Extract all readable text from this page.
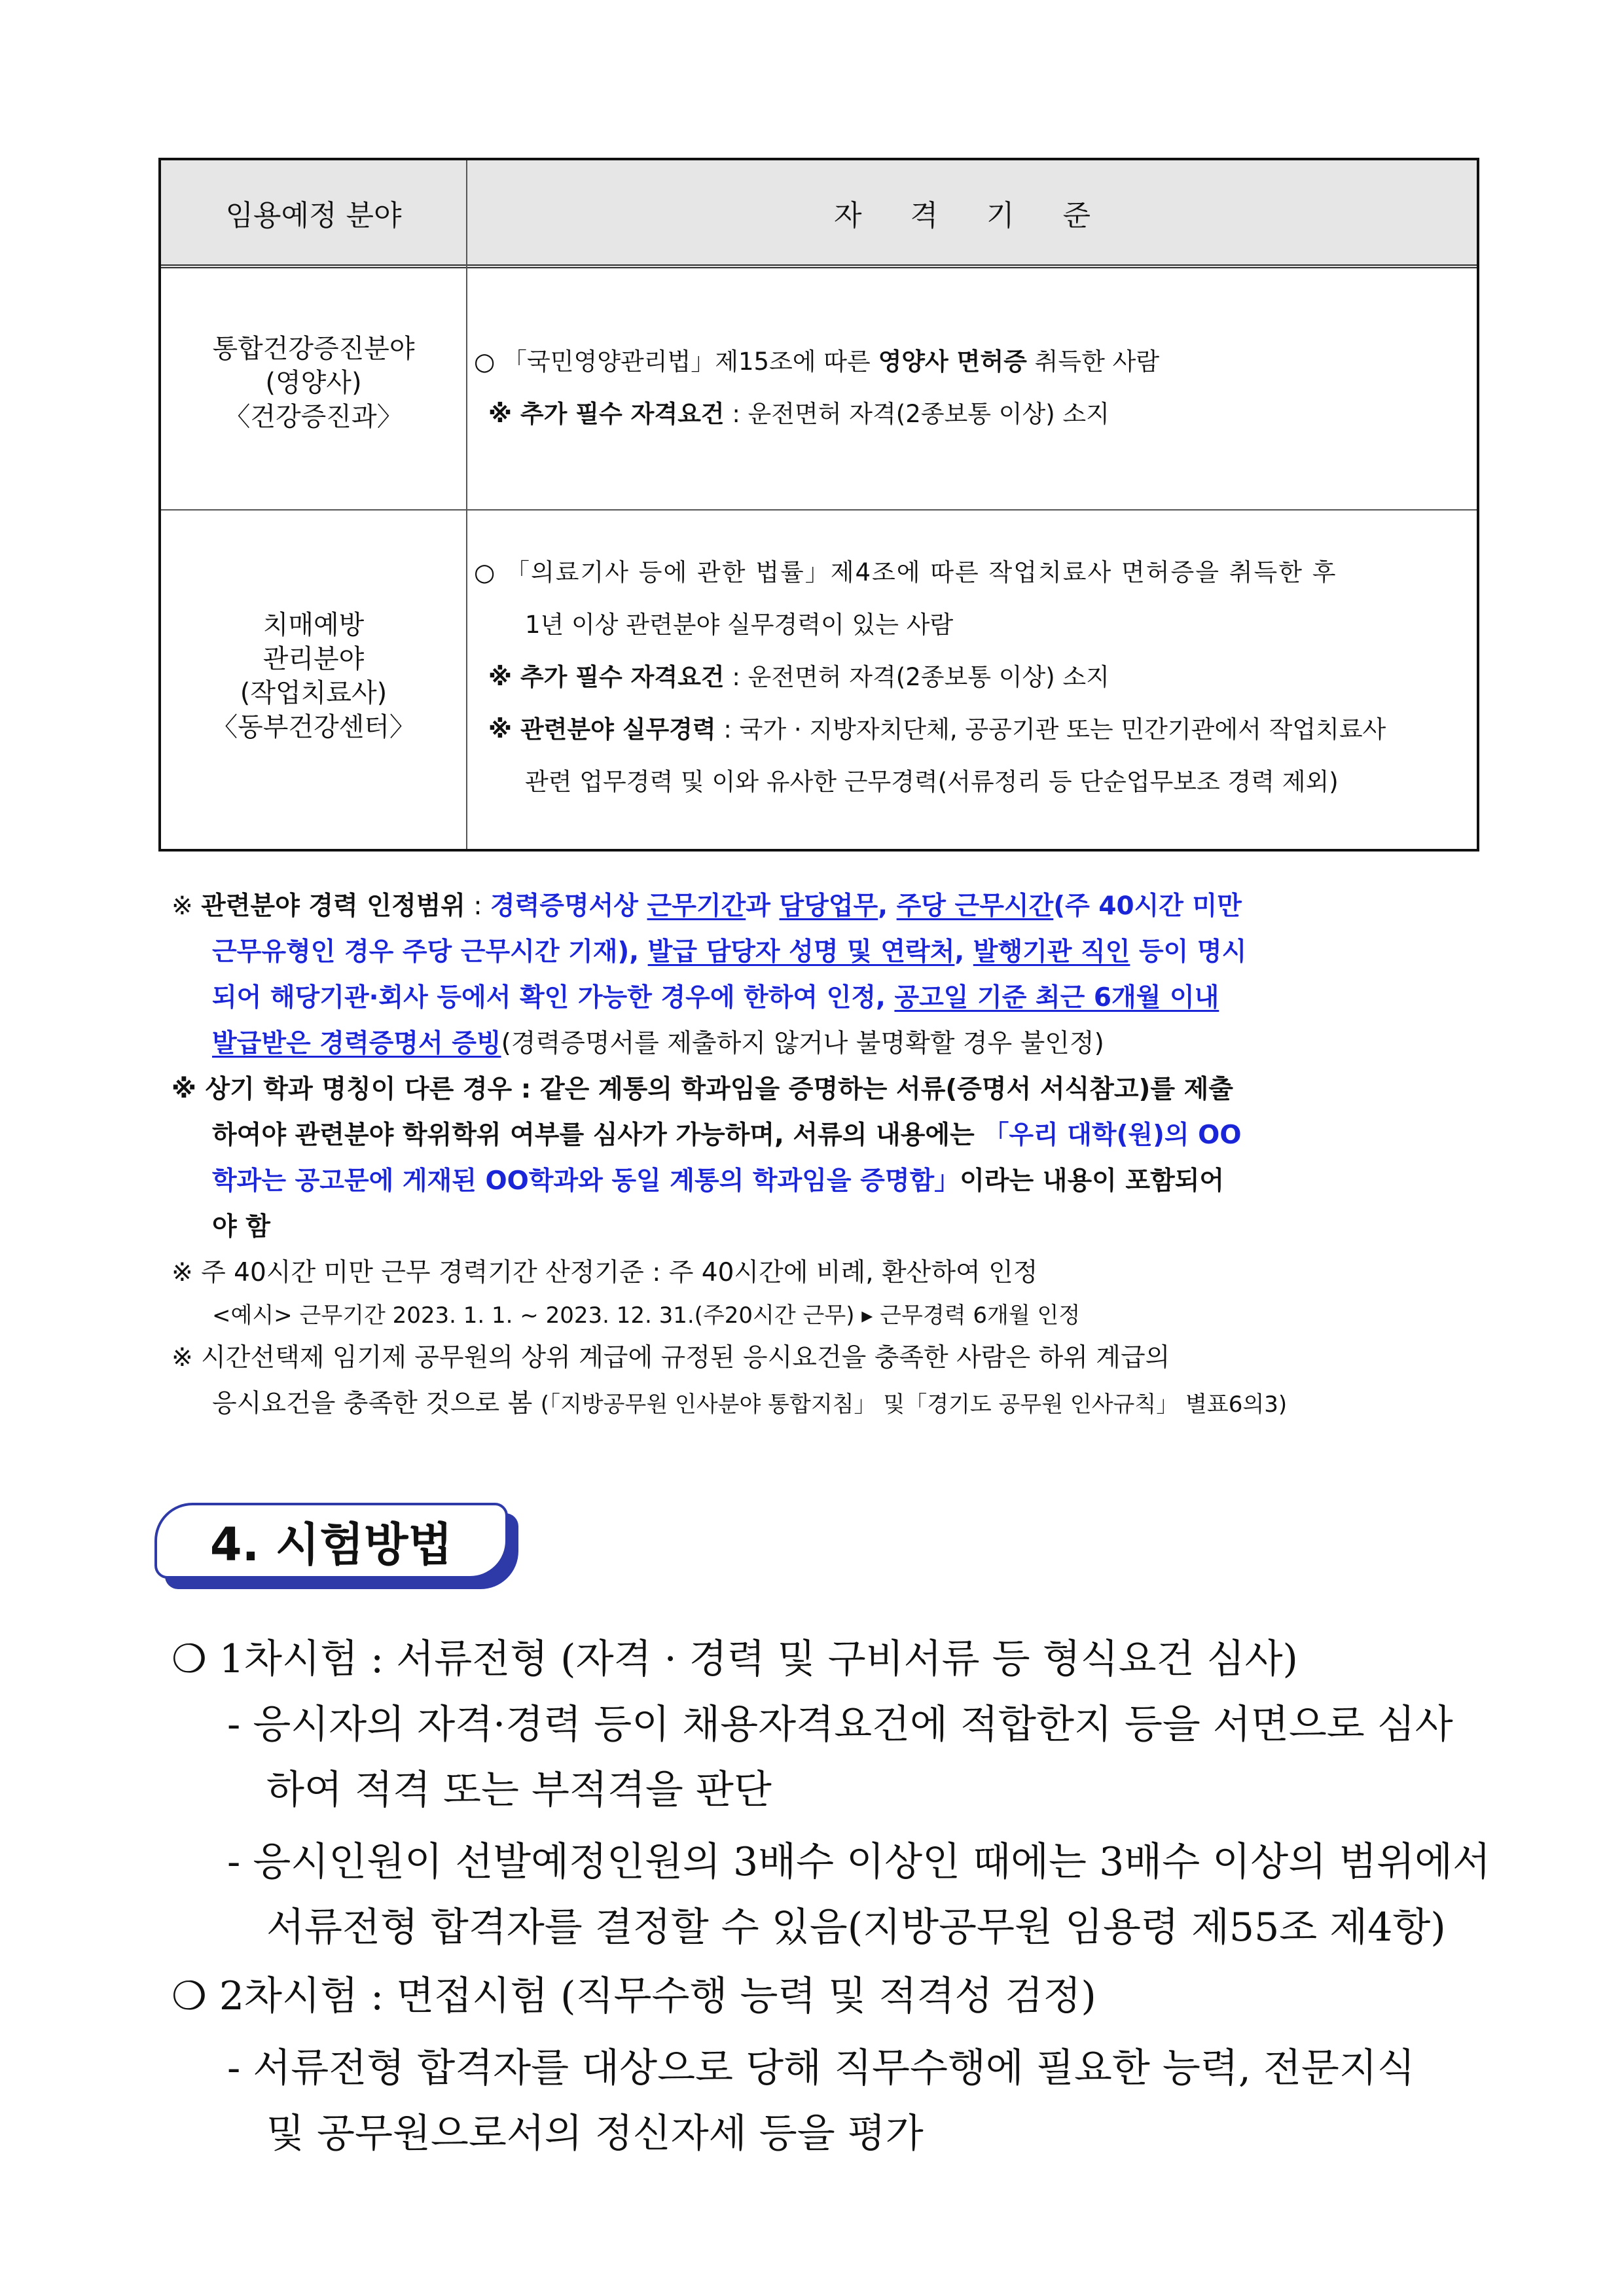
임용예정 분야	자 격 기 준
통합건강증진분야
(영양사)
〈건강증진과〉
○ 「국민영양관리법」제15조에 따른 영양사 면허증 취득한 사람
※ 추가 필수 자격요건 : 운전면허 자격(2종보통 이상) 소지
치매예방
관리분야
(작업치료사)
〈동부건강센터〉
○ 「의료기사 등에 관한 법률」제4조에 따른 작업치료사 면허증을 취득한 후
1년 이상 관련분야 실무경력이 있는 사람
※ 추가 필수 자격요건 : 운전면허 자격(2종보통 이상) 소지
※ 관련분야 실무경력 : 국가 · 지방자치단체, 공공기관 또는 민간기관에서 작업치료사
관련 업무경력 및 이와 유사한 근무경력(서류정리 등 단순업무보조 경력 제외)
※ 관련분야 경력 인정범위 : 경력증명서상 근무기간과 담당업무, 주당 근무시간(주 40시간 미만
근무유형인 경우 주당 근무시간 기재), 발급 담당자 성명 및 연락처, 발행기관 직인 등이 명시
되어 해당기관·회사 등에서 확인 가능한 경우에 한하여 인정, 공고일 기준 최근 6개월 이내
발급받은 경력증명서 증빙(경력증명서를 제출하지 않거나 불명확할 경우 불인정)
※ 상기 학과 명칭이 다른 경우 : 같은 계통의 학과임을 증명하는 서류(증명서 서식참고)를 제출
하여야 관련분야 학위학위 여부를 심사가 가능하며, 서류의 내용에는 「우리 대학(원)의 OO
학과는 공고문에 게재된 OO학과와 동일 계통의 학과임을 증명함」이라는 내용이 포함되어
야 함
※ 주 40시간 미만 근무 경력기간 산정기준 : 주 40시간에 비례, 환산하여 인정
<예시> 근무기간 2023. 1. 1. ~ 2023. 12. 31.(주20시간 근무) ▸ 근무경력 6개월 인정
※ 시간선택제 임기제 공무원의 상위 계급에 규정된 응시요건을 충족한 사람은 하위 계급의
응시요건을 충족한 것으로 봄 (「지방공무원 인사분야 통합지침」 및「경기도 공무원 인사규칙」 별표6의3)
4. 시험방법
❍ 1차시험 : 서류전형 (자격 · 경력 및 구비서류 등 형식요건 심사)
- 응시자의 자격·경력 등이 채용자격요건에 적합한지 등을 서면으로 심사
하여 적격 또는 부적격을 판단
- 응시인원이 선발예정인원의 3배수 이상인 때에는 3배수 이상의 범위에서
서류전형 합격자를 결정할 수 있음(지방공무원 임용령 제55조 제4항)
❍ 2차시험 : 면접시험 (직무수행 능력 및 적격성 검정)
- 서류전형 합격자를 대상으로 당해 직무수행에 필요한 능력, 전문지식
및 공무원으로서의 정신자세 등을 평가
